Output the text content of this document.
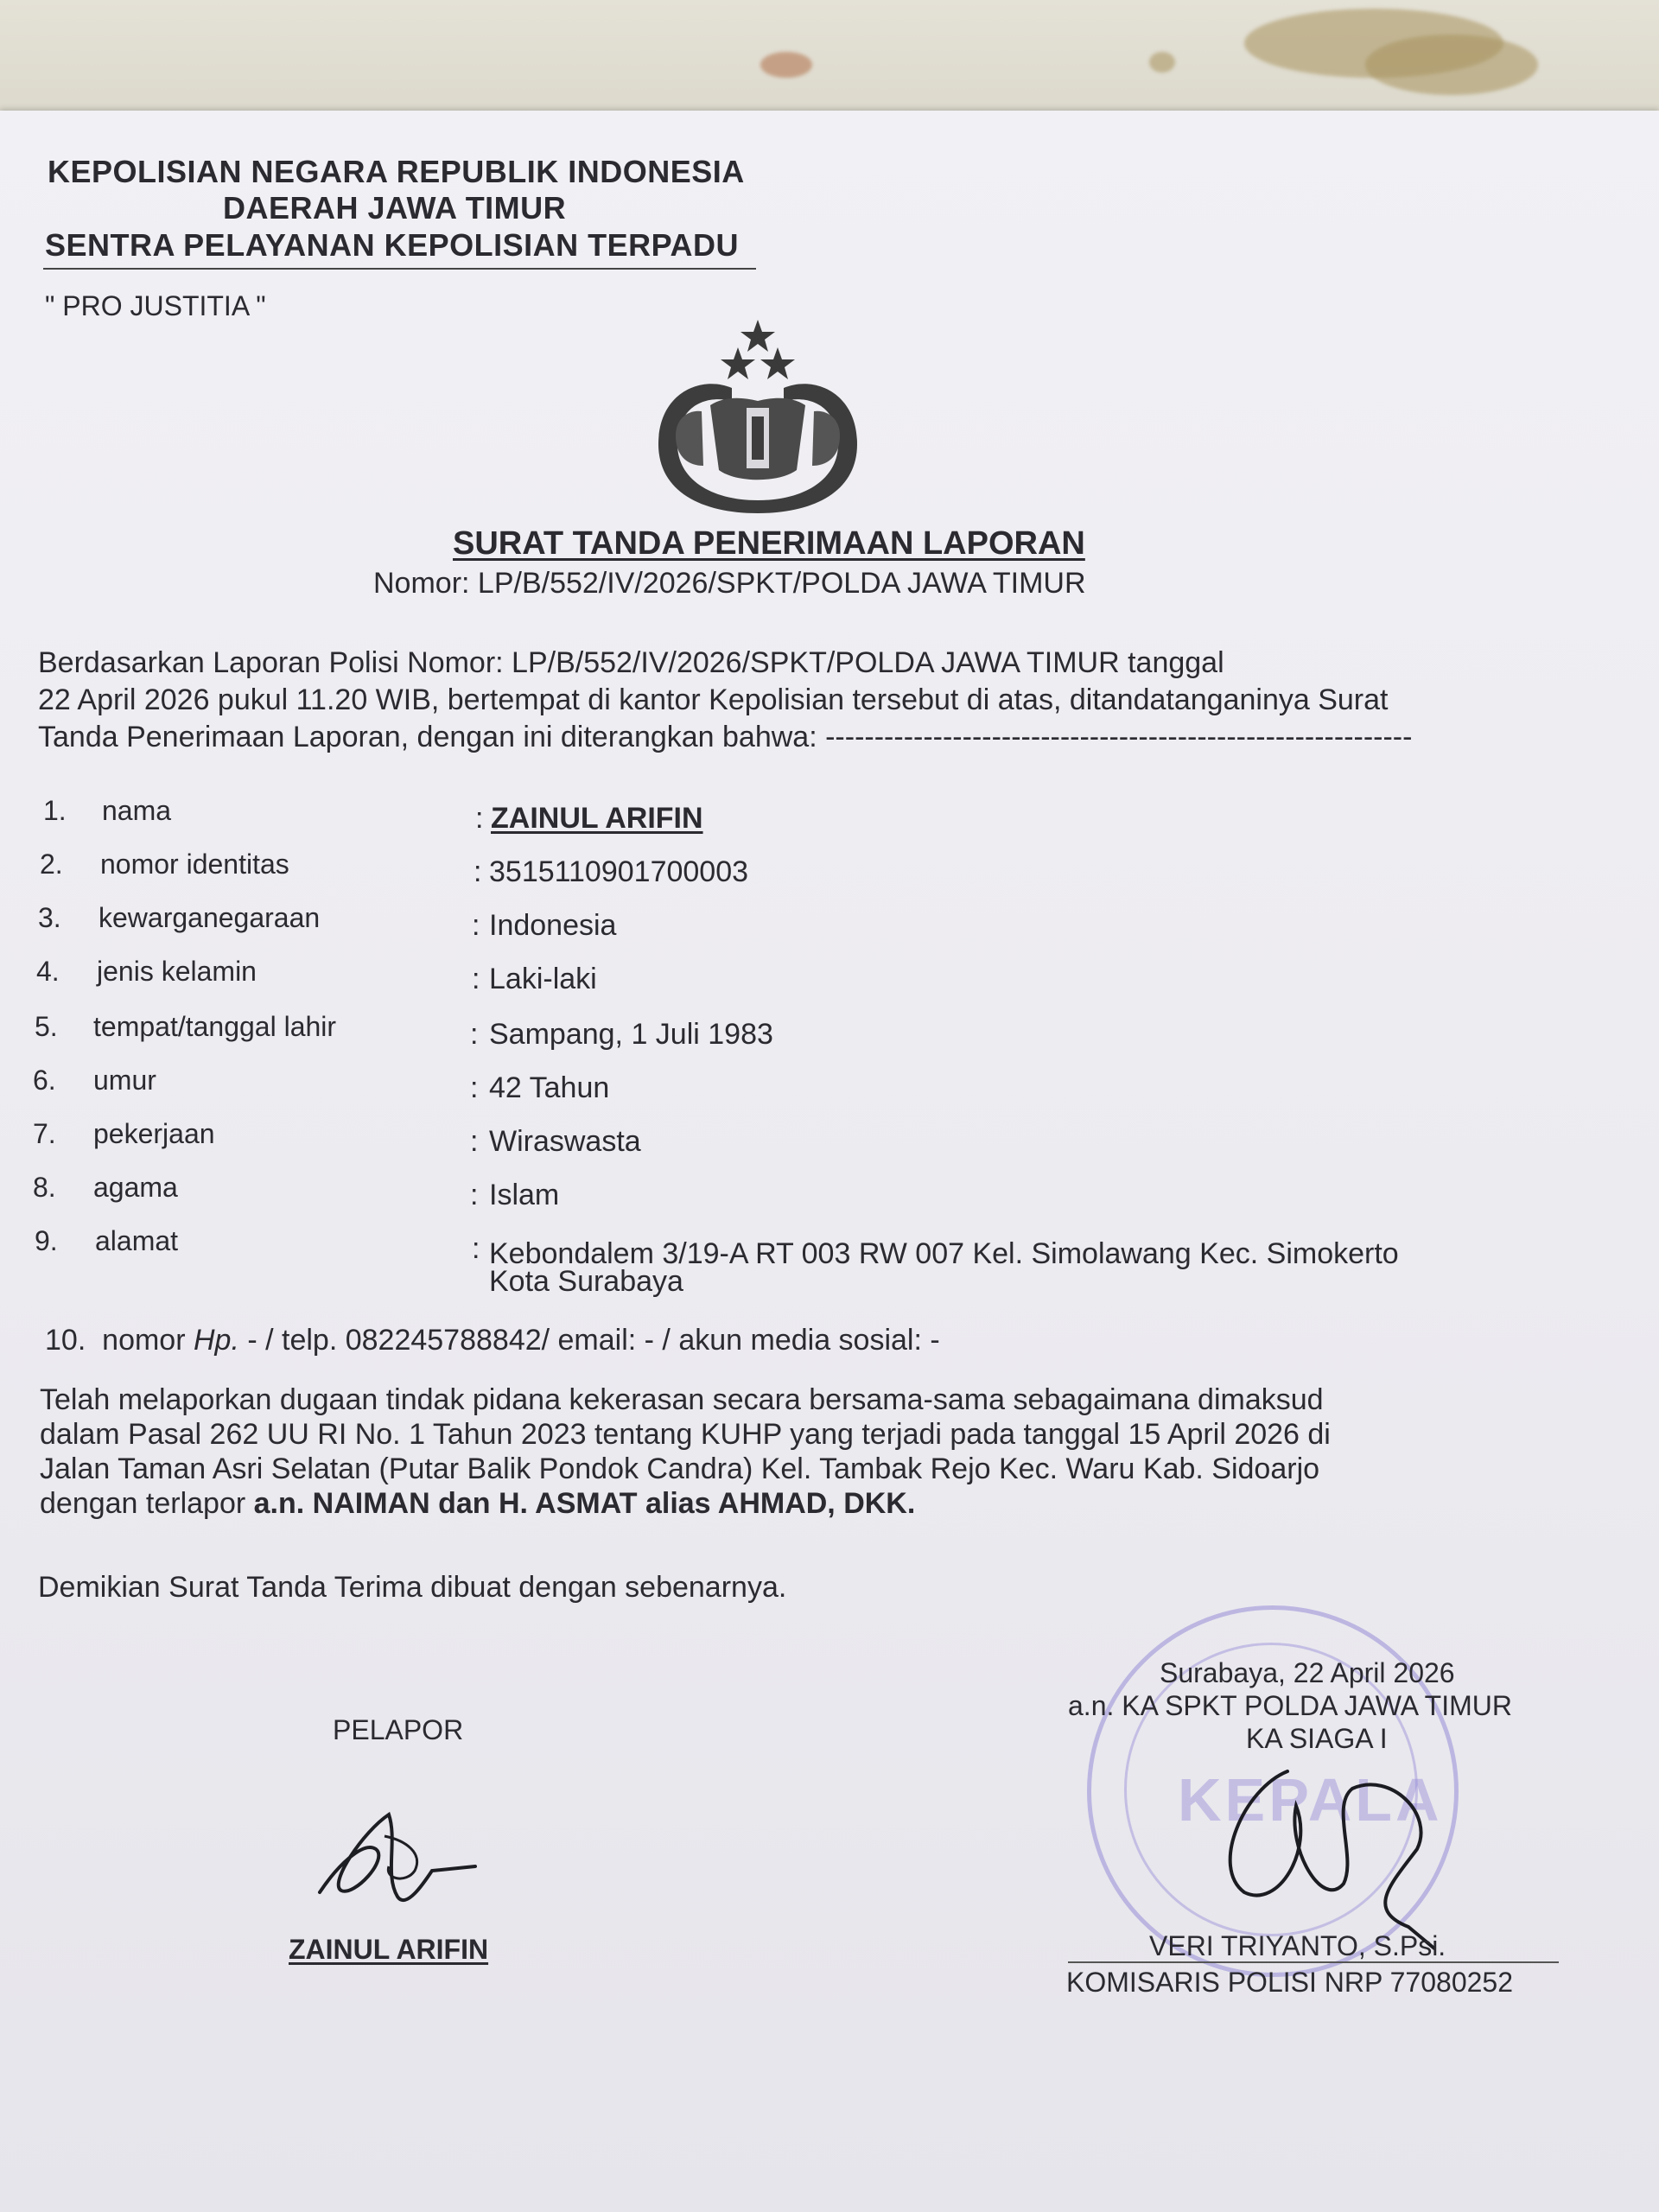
KEPOLISIAN NEGARA REPUBLIK INDONESIA
DAERAH JAWA TIMUR
SENTRA PELAYANAN KEPOLISIAN TERPADU
" PRO JUSTITIA "
SURAT TANDA PENERIMAAN LAPORAN
Nomor: LP/B/552/IV/2026/SPKT/POLDA JAWA TIMUR
Berdasarkan Laporan Polisi Nomor: LP/B/552/IV/2026/SPKT/POLDA JAWA TIMUR tanggal
22 April 2026 pukul 11.20 WIB, bertempat di kantor Kepolisian tersebut di atas, ditandatanganinya Surat
Tanda Penerimaan Laporan, dengan ini diterangkan bahwa: ------------------------------------------------------------
1. nama	: ZAINUL ARIFIN
2. nomor identitas	: 3515110901700003
3. kewarganegaraan	: Indonesia
4. jenis kelamin	: Laki-laki
5. tempat/tanggal lahir	: Sampang, 1 Juli 1983
6. umur	: 42 Tahun
7. pekerjaan	: Wiraswasta
8. agama	: Islam
9. alamat	: Kebondalem 3/19-A RT 003 RW 007 Kel. Simolawang Kec. Simokerto
Kota Surabaya
10.  nomor Hp. - / telp. 082245788842/ email: - / akun media sosial: -
Telah melaporkan dugaan tindak pidana kekerasan secara bersama-sama sebagaimana dimaksud
dalam Pasal 262 UU RI No. 1 Tahun 2023 tentang KUHP yang terjadi pada tanggal 15 April 2026 di
Jalan Taman Asri Selatan (Putar Balik Pondok Candra) Kel. Tambak Rejo Kec. Waru Kab. Sidoarjo
dengan terlapor a.n. NAIMAN dan H. ASMAT alias AHMAD, DKK.
Demikian Surat Tanda Terima dibuat dengan sebenarnya.
KEPALA
PELAPOR
ZAINUL ARIFIN
Surabaya, 22 April 2026
a.n. KA SPKT POLDA JAWA TIMUR
KA SIAGA I
VERI TRIYANTO, S.Psi.
KOMISARIS POLISI NRP 77080252
